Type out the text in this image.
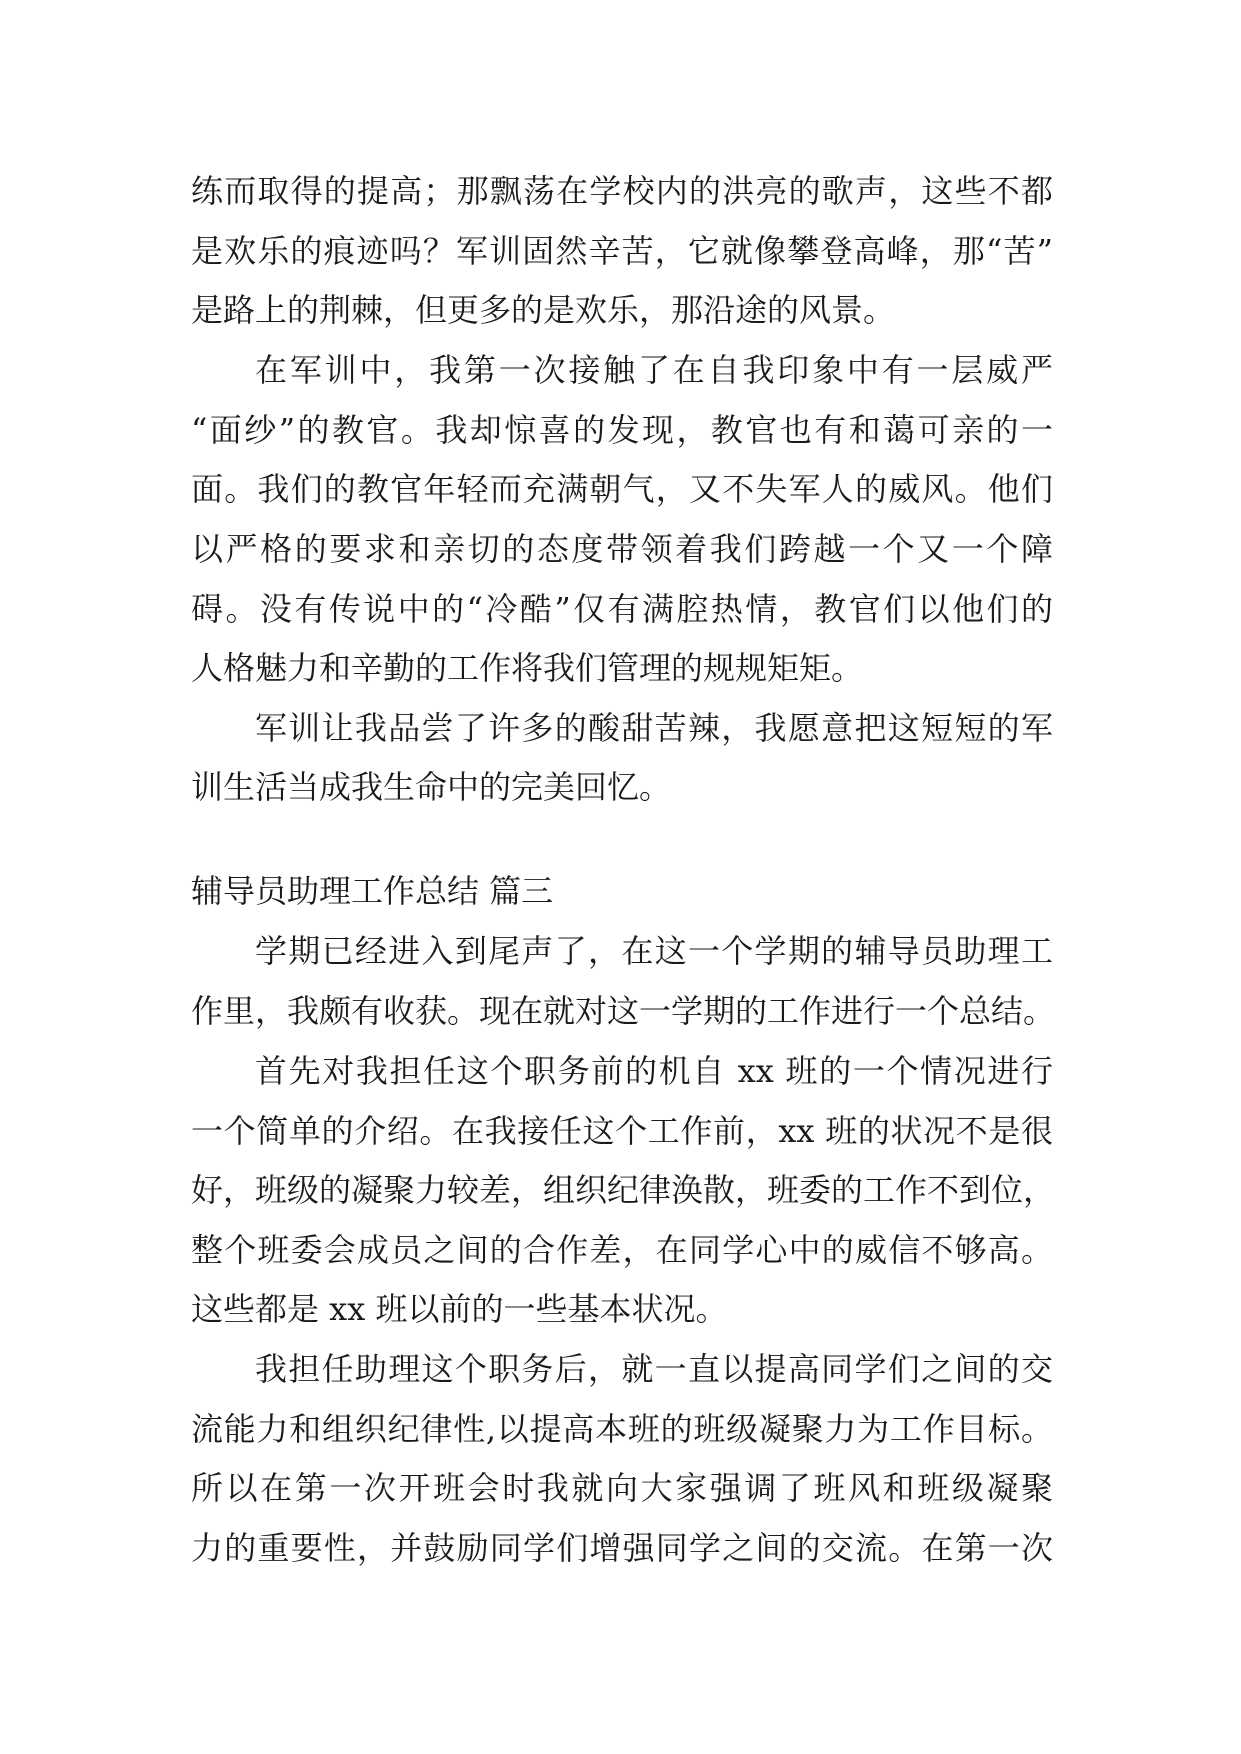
练而取得的提高；那飘荡在学校内的洪亮的歌声，这些不都
是欢乐的痕迹吗？军训固然辛苦，它就像攀登高峰，那“苦”
是路上的荆棘，但更多的是欢乐，那沿途的风景。
在军训中，我第一次接触了在自我印象中有一层威严
“面纱”的教官。我却惊喜的发现，教官也有和蔼可亲的一
面。我们的教官年轻而充满朝气，又不失军人的威风。他们
以严格的要求和亲切的态度带领着我们跨越一个又一个障
碍。没有传说中的“冷酷”仅有满腔热情，教官们以他们的
人格魅力和辛勤的工作将我们管理的规规矩矩。
军训让我品尝了许多的酸甜苦辣，我愿意把这短短的军
训生活当成我生命中的完美回忆。
辅导员助理工作总结 篇三
学期已经进入到尾声了，在这一个学期的辅导员助理工
作里，我颇有收获。现在就对这一学期的工作进行一个总结。
首先对我担任这个职务前的机自 xx 班的一个情况进行
一个简单的介绍。在我接任这个工作前，xx 班的状况不是很
好，班级的凝聚力较差，组织纪律涣散，班委的工作不到位，
整个班委会成员之间的合作差，在同学心中的威信不够高。
这些都是 xx 班以前的一些基本状况。
我担任助理这个职务后，就一直以提高同学们之间的交
流能力和组织纪律性,以提高本班的班级凝聚力为工作目标。
所以在第一次开班会时我就向大家强调了班风和班级凝聚
力的重要性，并鼓励同学们增强同学之间的交流。在第一次
